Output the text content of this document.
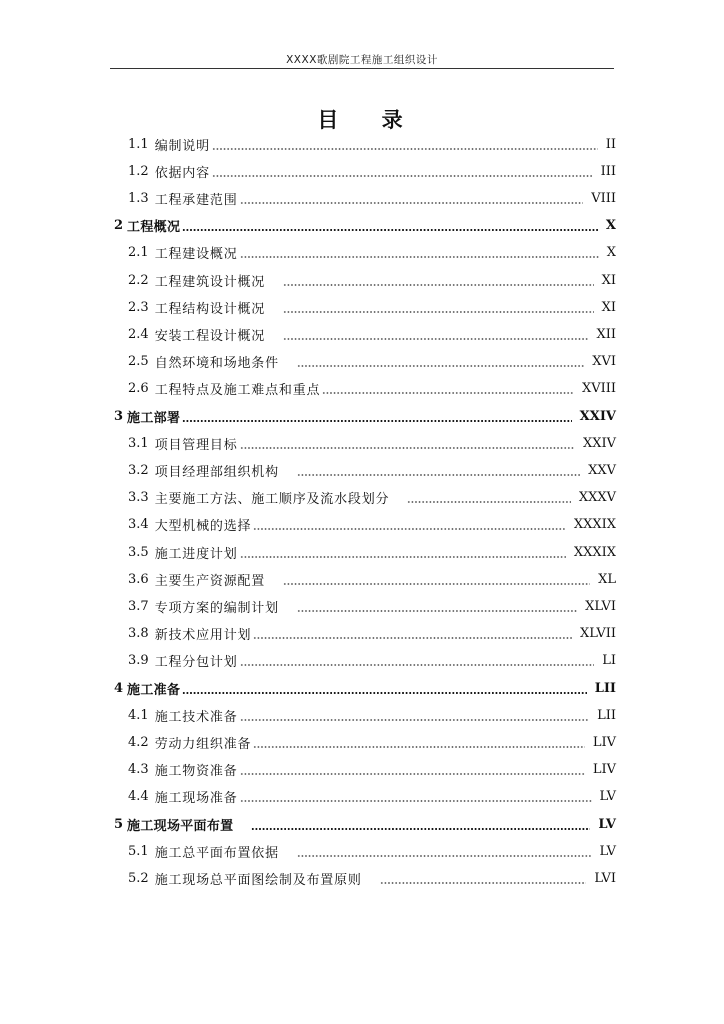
XXXX歌剧院工程施工组织设计
目 录
1.1 编制说明	II
1.2 依据内容	III
1.3 工程承建范围	VIII
2 工程概况	X
2.1 工程建设概况	X
2.2 工程建筑设计概况	XI
2.3 工程结构设计概况	XI
2.4 安装工程设计概况	XII
2.5 自然环境和场地条件	XVI
2.6 工程特点及施工难点和重点	XVIII
3 施工部署	XXIV
3.1 项目管理目标	XXIV
3.2 项目经理部组织机构	XXV
3.3 主要施工方法、施工顺序及流水段划分	XXXV
3.4 大型机械的选择	XXXIX
3.5 施工进度计划	XXXIX
3.6 主要生产资源配置	XL
3.7 专项方案的编制计划	XLVI
3.8 新技术应用计划	XLVII
3.9 工程分包计划	LI
4 施工准备	LII
4.1 施工技术准备	LII
4.2 劳动力组织准备	LIV
4.3 施工物资准备	LIV
4.4 施工现场准备	LV
5 施工现场平面布置	LV
5.1 施工总平面布置依据	LV
5.2 施工现场总平面图绘制及布置原则	LVI
